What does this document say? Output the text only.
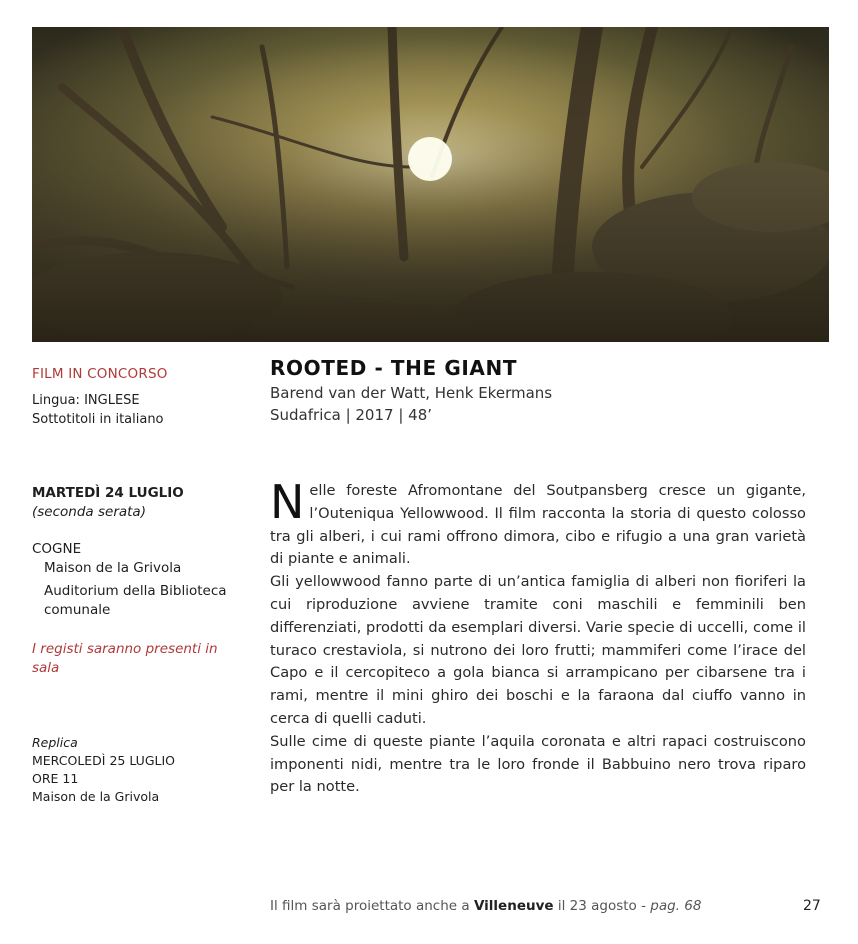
FILM IN CONCORSO
Lingua: INGLESE
Sottotitoli in italiano
MARTEDÌ 24 LUGLIO
(seconda serata)
COGNE
Maison de la Grivola
Auditorium della Biblioteca comunale
I registi saranno presenti in sala
Replica
MERCOLEDÌ 25 LUGLIO
ORE 11
Maison de la Grivola
ROOTED - THE GIANT
Barend van der Watt, Henk Ekermans
Sudafrica | 2017 | 48’

Nelle foreste Afromontane del Soutpansberg cresce un gigante, l’Outeniqua Yellowwood. Il film racconta la storia di questo colosso tra gli alberi, i cui rami offrono dimora, cibo e rifugio a una gran varietà di piante e animali.

Gli yellowwood fanno parte di un’antica famiglia di alberi non fioriferi la cui riproduzione avviene tramite coni maschili e femminili ben differenziati, prodotti da esemplari diversi. Varie specie di uccelli, come il turaco crestaviola, si nutrono dei loro frutti; mammiferi come l’irace del Capo e il cercopiteco a gola bianca si arrampicano per cibarsene tra i rami, mentre il mini ghiro dei boschi e la faraona dal ciuffo vanno in cerca di quelli caduti.

Sulle cime di queste piante l’aquila coronata e altri rapaci costruiscono imponenti nidi, mentre tra le loro fronde il Babbuino nero trova riparo per la notte.

Il film sarà proiettato anche a Villeneuve il 23 agosto - pag. 68	27
